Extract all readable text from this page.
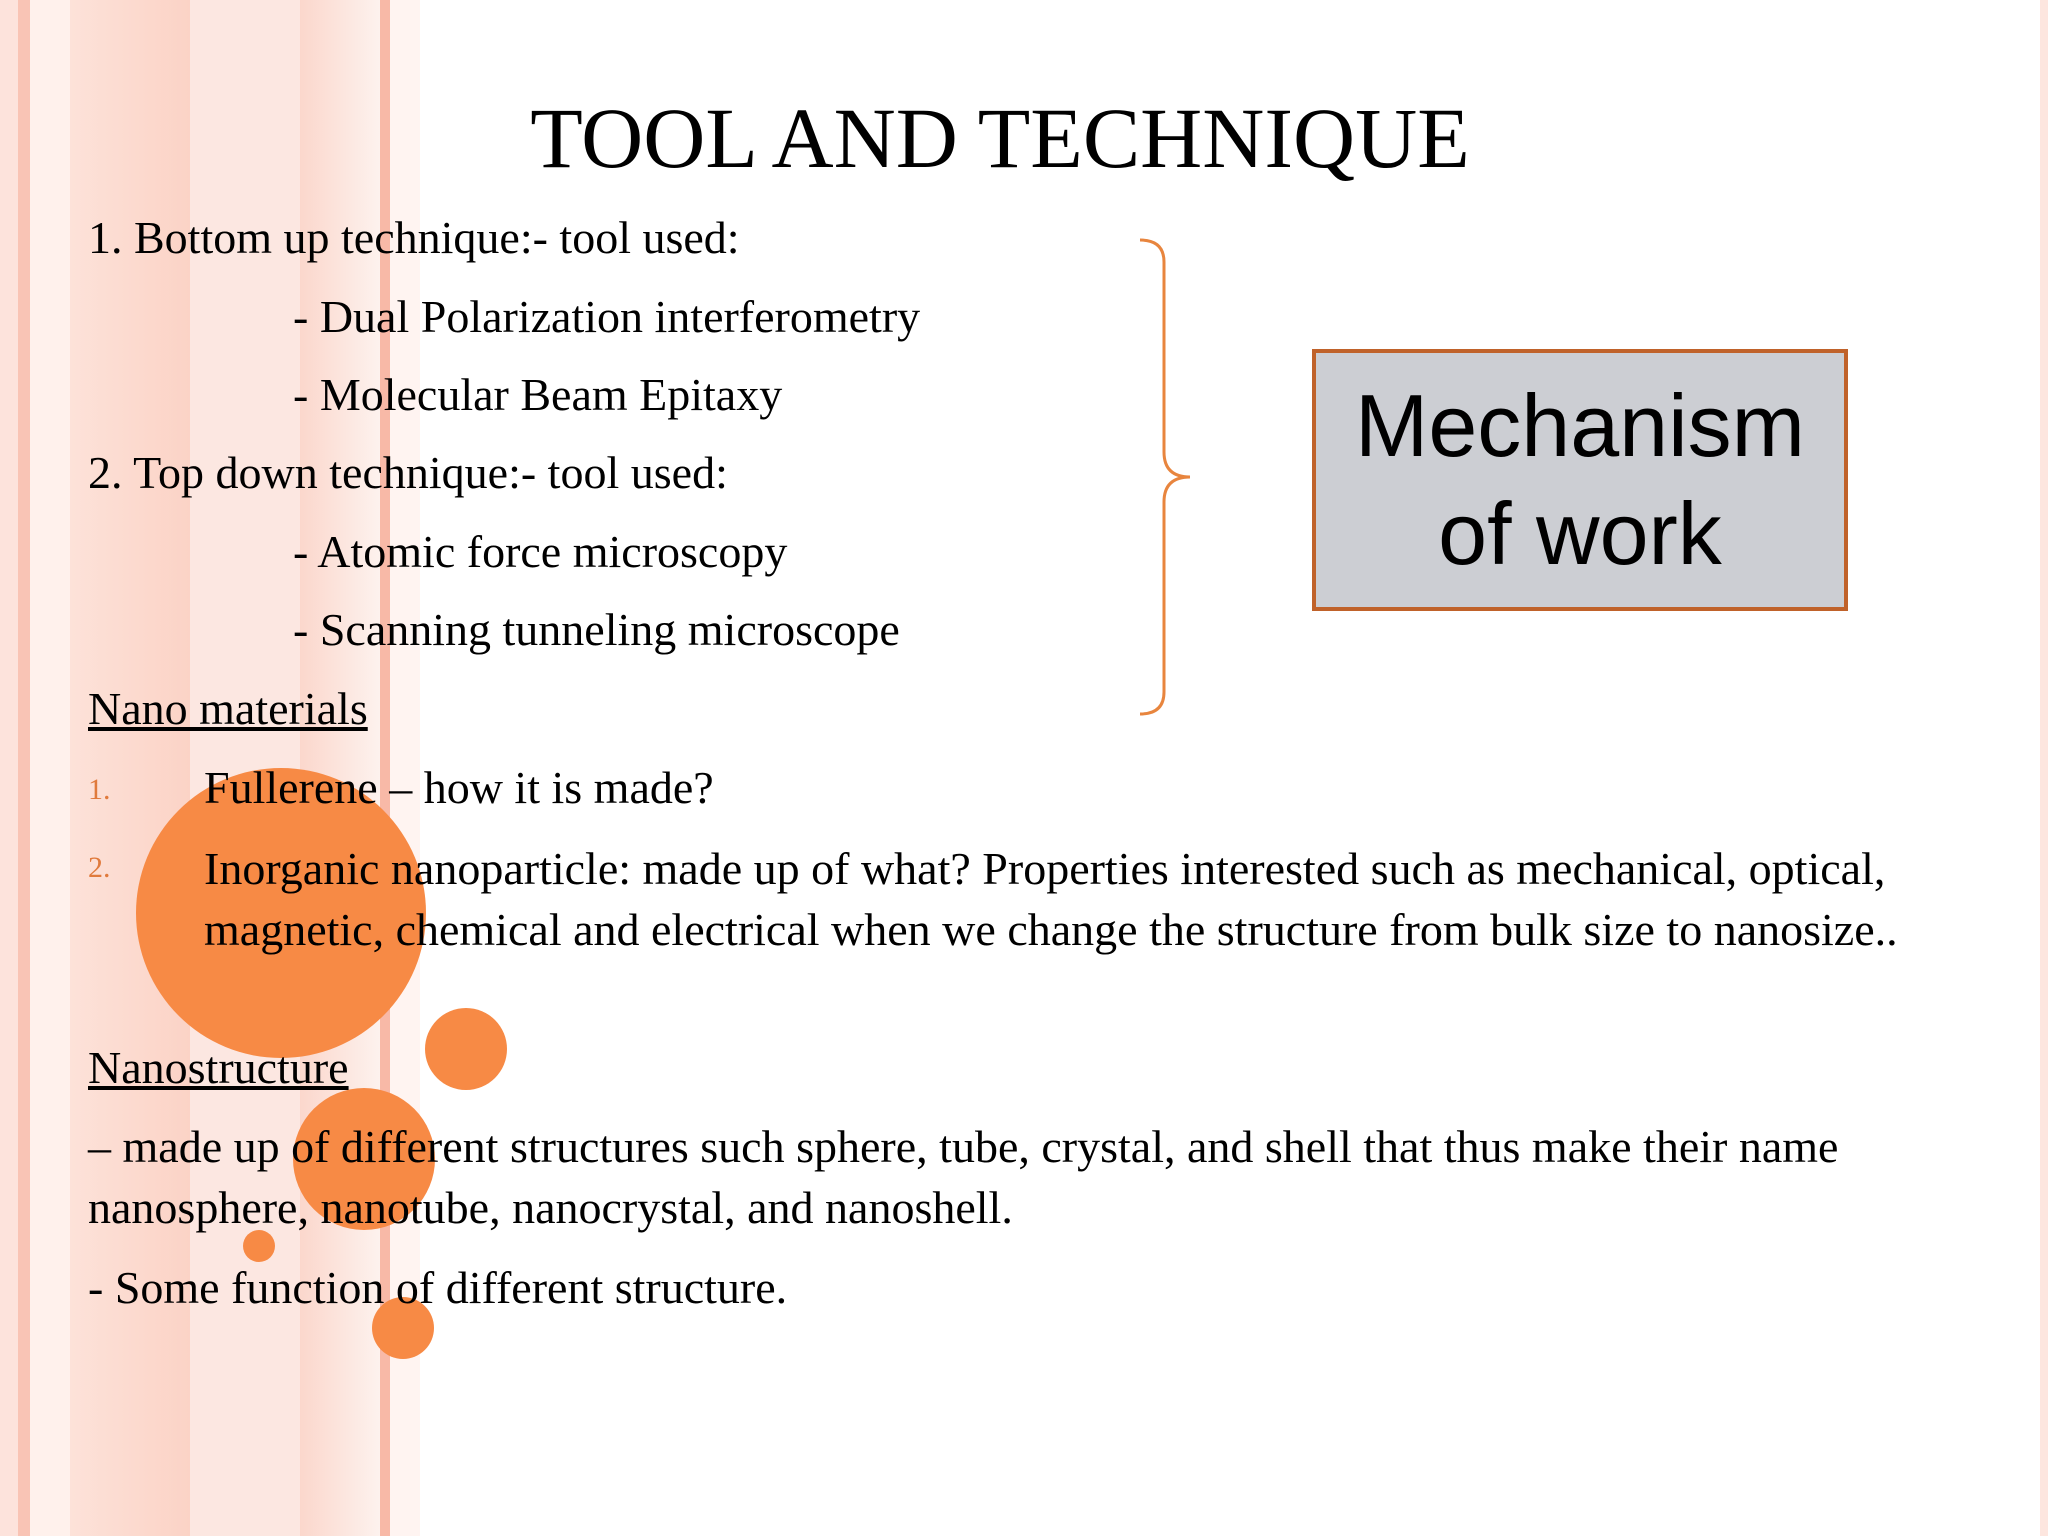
TOOL AND TECHNIQUE
1. Bottom up technique:- tool used:
- Dual Polarization interferometry
- Molecular Beam Epitaxy
2. Top down technique:- tool used:
- Atomic force microscopy
- Scanning tunneling microscope
Mechanism of work
Nano materials
1. Fullerene – how it is made?
2. Inorganic nanoparticle: made up of what? Properties interested such as mechanical, optical, magnetic, chemical and electrical when we change the structure from bulk size to nanosize..
Nanostructure
– made up of different structures such sphere, tube, crystal, and shell that thus make their name nanosphere, nanotube, nanocrystal, and nanoshell.
- Some function of different structure.
